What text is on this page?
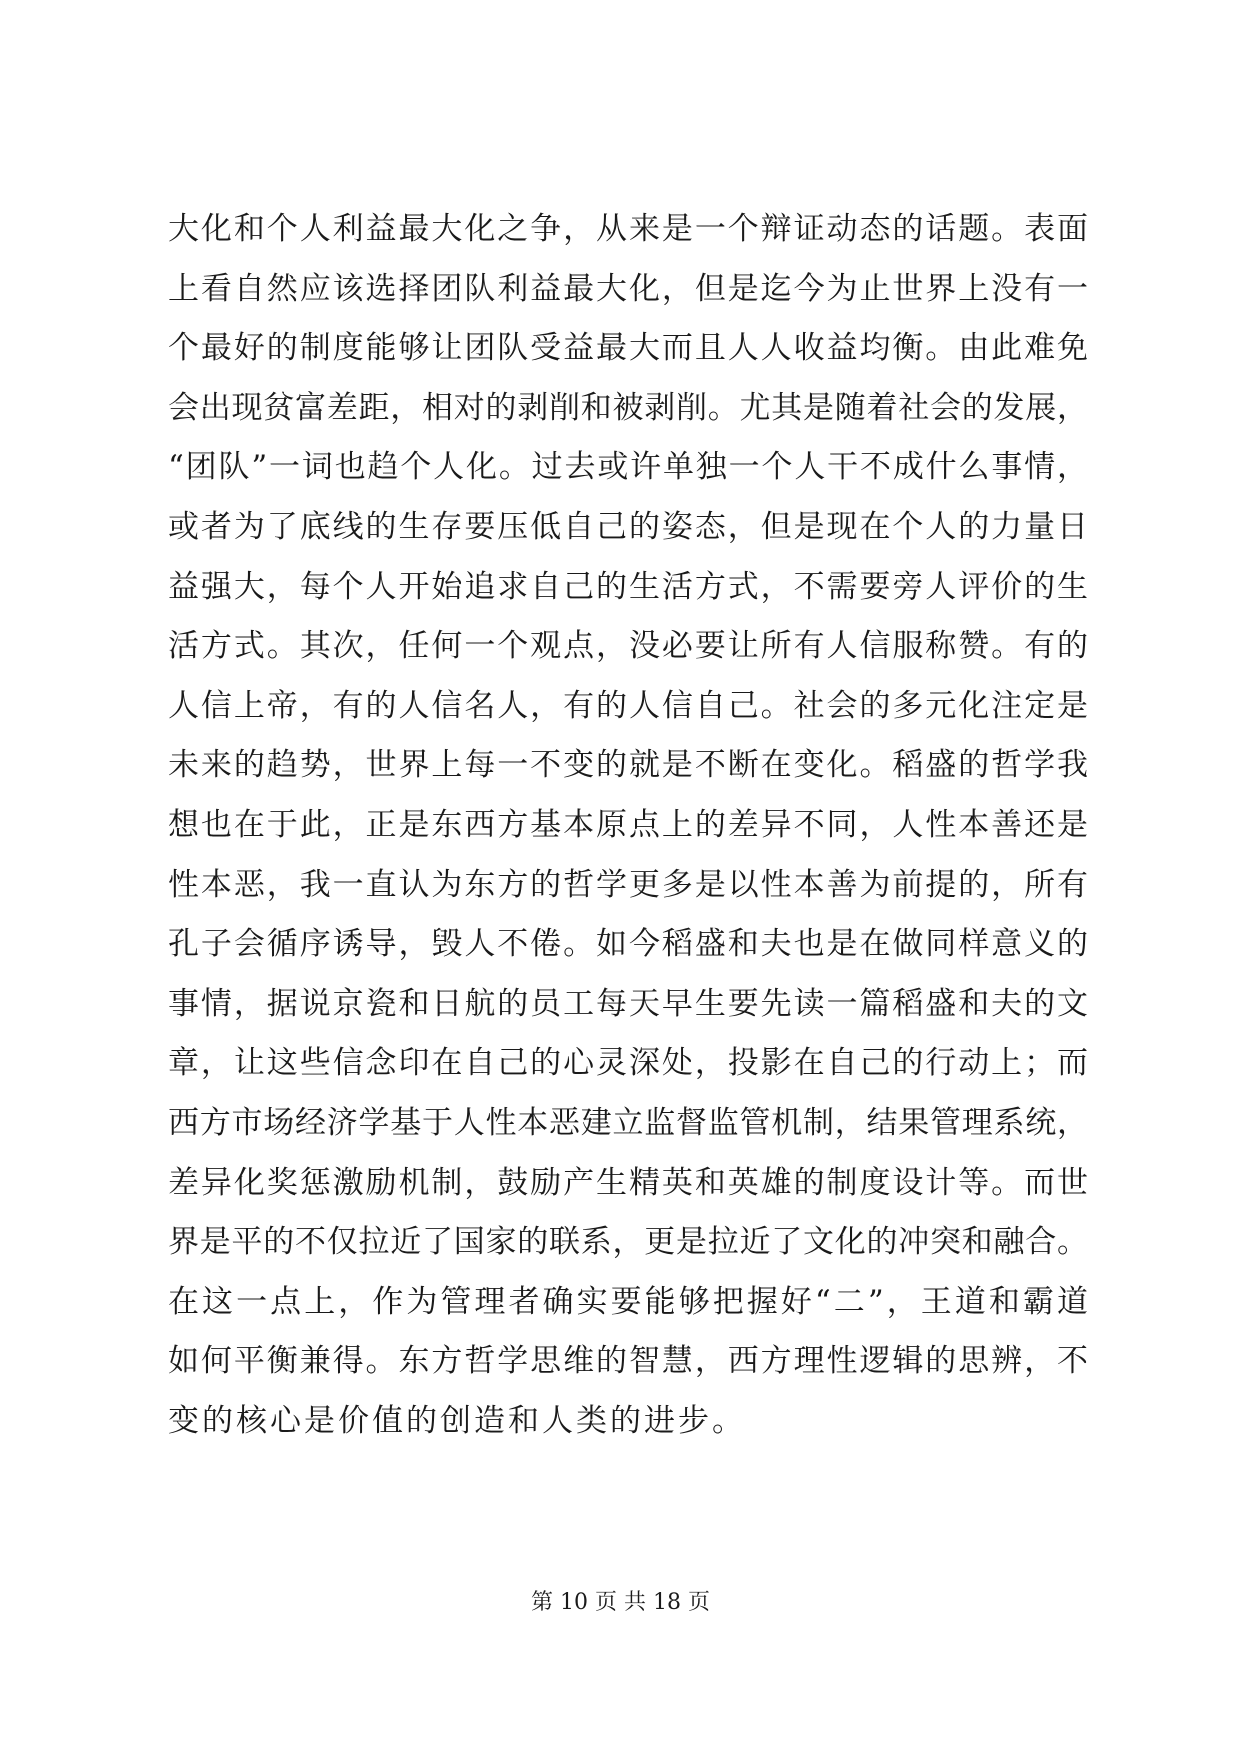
大化和个人利益最大化之争，从来是一个辩证动态的话题。表面
上看自然应该选择团队利益最大化，但是迄今为止世界上没有一
个最好的制度能够让团队受益最大而且人人收益均衡。由此难免
会出现贫富差距，相对的剥削和被剥削。尤其是随着社会的发展，
“团队”一词也趋个人化。过去或许单独一个人干不成什么事情，
或者为了底线的生存要压低自己的姿态，但是现在个人的力量日
益强大，每个人开始追求自己的生活方式，不需要旁人评价的生
活方式。其次，任何一个观点，没必要让所有人信服称赞。有的
人信上帝，有的人信名人，有的人信自己。社会的多元化注定是
未来的趋势，世界上每一不变的就是不断在变化。稻盛的哲学我
想也在于此，正是东西方基本原点上的差异不同，人性本善还是
性本恶，我一直认为东方的哲学更多是以性本善为前提的，所有
孔子会循序诱导，毁人不倦。如今稻盛和夫也是在做同样意义的
事情，据说京瓷和日航的员工每天早生要先读一篇稻盛和夫的文
章，让这些信念印在自己的心灵深处，投影在自己的行动上；而
西方市场经济学基于人性本恶建立监督监管机制，结果管理系统，
差异化奖惩激励机制，鼓励产生精英和英雄的制度设计等。而世
界是平的不仅拉近了国家的联系，更是拉近了文化的冲突和融合。
在这一点上，作为管理者确实要能够把握好“二”，王道和霸道
如何平衡兼得。东方哲学思维的智慧，西方理性逻辑的思辨，不
变的核心是价值的创造和人类的进步。
第 10 页 共 18 页
